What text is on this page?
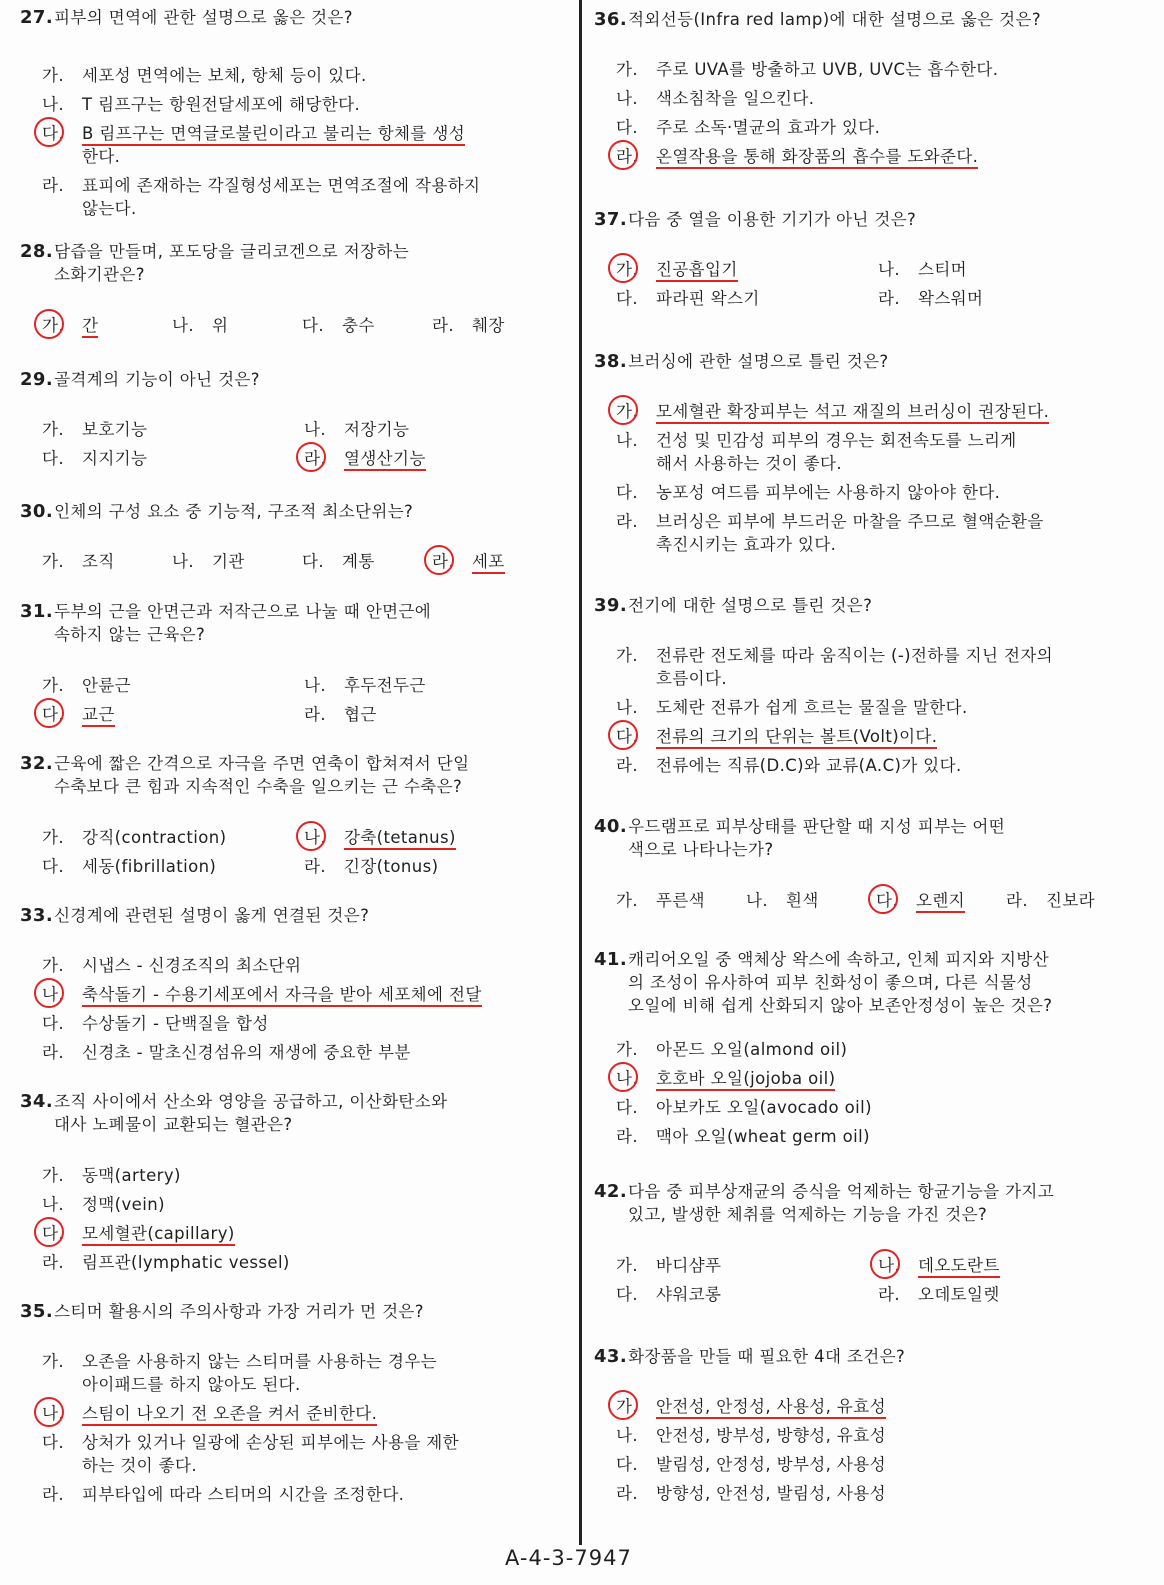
27.피부의 면역에 관한 설명으로 옳은 것은?
가. 세포성 면역에는 보체, 항체 등이 있다.
나. T 림프구는 항원전달세포에 해당한다.
다. B 림프구는 면역글로불린이라고 불리는 항체를 생성
한다.
라. 표피에 존재하는 각질형성세포는 면역조절에 작용하지
않는다.
28.담즙을 만들며, 포도당을 글리코겐으로 저장하는
소화기관은?
가. 간	나. 위	다. 충수	라. 췌장
29.골격계의 기능이 아닌 것은?
가. 보호기능	나. 저장기능
다. 지지기능	라. 열생산기능
30.인체의 구성 요소 중 기능적, 구조적 최소단위는?
가. 조직	나. 기관	다. 계통	라. 세포
31.두부의 근을 안면근과 저작근으로 나눌 때 안면근에
속하지 않는 근육은?
가. 안륜근	나. 후두전두근
다. 교근	라. 협근
32.근육에 짧은 간격으로 자극을 주면 연축이 합쳐져서 단일
수축보다 큰 힘과 지속적인 수축을 일으키는 근 수축은?
가. 강직(contraction)	나. 강축(tetanus)
다. 세동(fibrillation)	라. 긴장(tonus)
33.신경계에 관련된 설명이 옳게 연결된 것은?
가. 시냅스 - 신경조직의 최소단위
나. 축삭돌기 - 수용기세포에서 자극을 받아 세포체에 전달
다. 수상돌기 - 단백질을 합성
라. 신경초 - 말초신경섬유의 재생에 중요한 부분
34.조직 사이에서 산소와 영양을 공급하고, 이산화탄소와
대사 노폐물이 교환되는 혈관은?
가. 동맥(artery)
나. 정맥(vein)
다. 모세혈관(capillary)
라. 림프관(lymphatic vessel)
35.스티머 활용시의 주의사항과 가장 거리가 먼 것은?
가. 오존을 사용하지 않는 스티머를 사용하는 경우는
아이패드를 하지 않아도 된다.
나. 스팀이 나오기 전 오존을 켜서 준비한다.
다. 상처가 있거나 일광에 손상된 피부에는 사용을 제한
하는 것이 좋다.
라. 피부타입에 따라 스티머의 시간을 조정한다.
36.적외선등(Infra red lamp)에 대한 설명으로 옳은 것은?
가. 주로 UVA를 방출하고 UVB, UVC는 흡수한다.
나. 색소침착을 일으킨다.
다. 주로 소독·멸균의 효과가 있다.
라. 온열작용을 통해 화장품의 흡수를 도와준다.
37.다음 중 열을 이용한 기기가 아닌 것은?
가. 진공흡입기	나. 스티머
다. 파라핀 왁스기	라. 왁스워머
38.브러싱에 관한 설명으로 틀린 것은?
가. 모세혈관 확장피부는 석고 재질의 브러싱이 권장된다.
나. 건성 및 민감성 피부의 경우는 회전속도를 느리게
해서 사용하는 것이 좋다.
다. 농포성 여드름 피부에는 사용하지 않아야 한다.
라. 브러싱은 피부에 부드러운 마찰을 주므로 혈액순환을
촉진시키는 효과가 있다.
39.전기에 대한 설명으로 틀린 것은?
가. 전류란 전도체를 따라 움직이는 (-)전하를 지닌 전자의
흐름이다.
나. 도체란 전류가 쉽게 흐르는 물질을 말한다.
다. 전류의 크기의 단위는 볼트(Volt)이다.
라. 전류에는 직류(D.C)와 교류(A.C)가 있다.
40.우드램프로 피부상태를 판단할 때 지성 피부는 어떤
색으로 나타나는가?
가. 푸른색	나. 흰색	다. 오렌지	라. 진보라
41.캐리어오일 중 액체상 왁스에 속하고, 인체 피지와 지방산
의 조성이 유사하여 피부 친화성이 좋으며, 다른 식물성
오일에 비해 쉽게 산화되지 않아 보존안정성이 높은 것은?
가. 아몬드 오일(almond oil)
나. 호호바 오일(jojoba oil)
다. 아보카도 오일(avocado oil)
라. 맥아 오일(wheat germ oil)
42.다음 중 피부상재균의 증식을 억제하는 항균기능을 가지고
있고, 발생한 체취를 억제하는 기능을 가진 것은?
가. 바디샴푸	나. 데오도란트
다. 샤워코롱	라. 오데토일렛
43.화장품을 만들 때 필요한 4대 조건은?
가. 안전성, 안정성, 사용성, 유효성
나. 안전성, 방부성, 방향성, 유효성
다. 발림성, 안정성, 방부성, 사용성
라. 방향성, 안전성, 발림성, 사용성
A-4-3-7947
